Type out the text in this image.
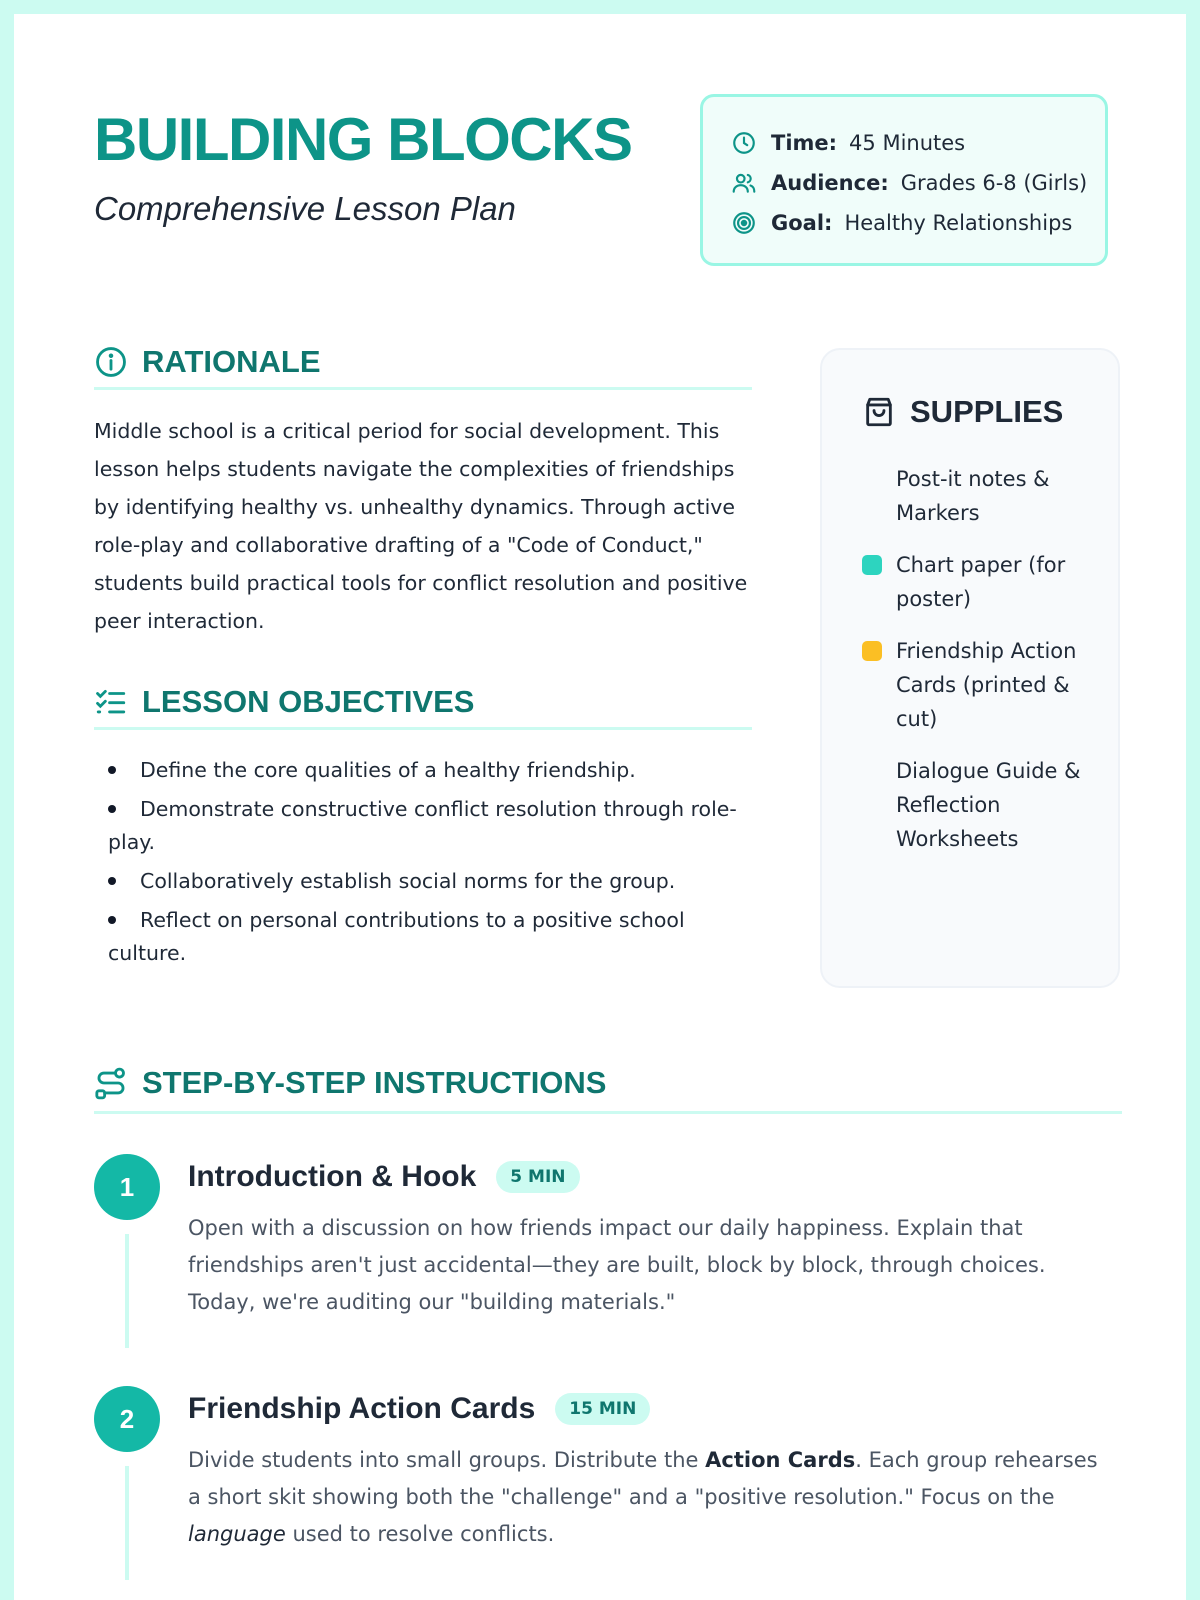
BUILDING BLOCKS
Comprehensive Lesson Plan
Time: 45 Minutes
Audience: Grades 6-8 (Girls)
Goal: Healthy Relationships
RATIONALE

Middle school is a critical period for social development. This lesson helps students navigate the complexities of friendships by identifying healthy vs. unhealthy dynamics. Through active role-play and collaborative drafting of a "Code of Conduct," students build practical tools for conflict resolution and positive peer interaction.

LESSON OBJECTIVES
Define the core qualities of a healthy friendship.
Demonstrate constructive conflict resolution through role-play.
Collaboratively establish social norms for the group.
Reflect on personal contributions to a positive school culture.
SUPPLIES
Post-it notes & Markers
Chart paper (for poster)
Friendship Action Cards (printed & cut)
Dialogue Guide & Reflection Worksheets
STEP-BY-STEP INSTRUCTIONS
1	Introduction & Hook	5 MIN

Open with a discussion on how friends impact our daily happiness. Explain that friendships aren't just accidental—they are built, block by block, through choices. Today, we're auditing our "building materials."

2	Friendship Action Cards	15 MIN

Divide students into small groups. Distribute the Action Cards. Each group rehearses a short skit showing both the "challenge" and a "positive resolution." Focus on the language used to resolve conflicts.
